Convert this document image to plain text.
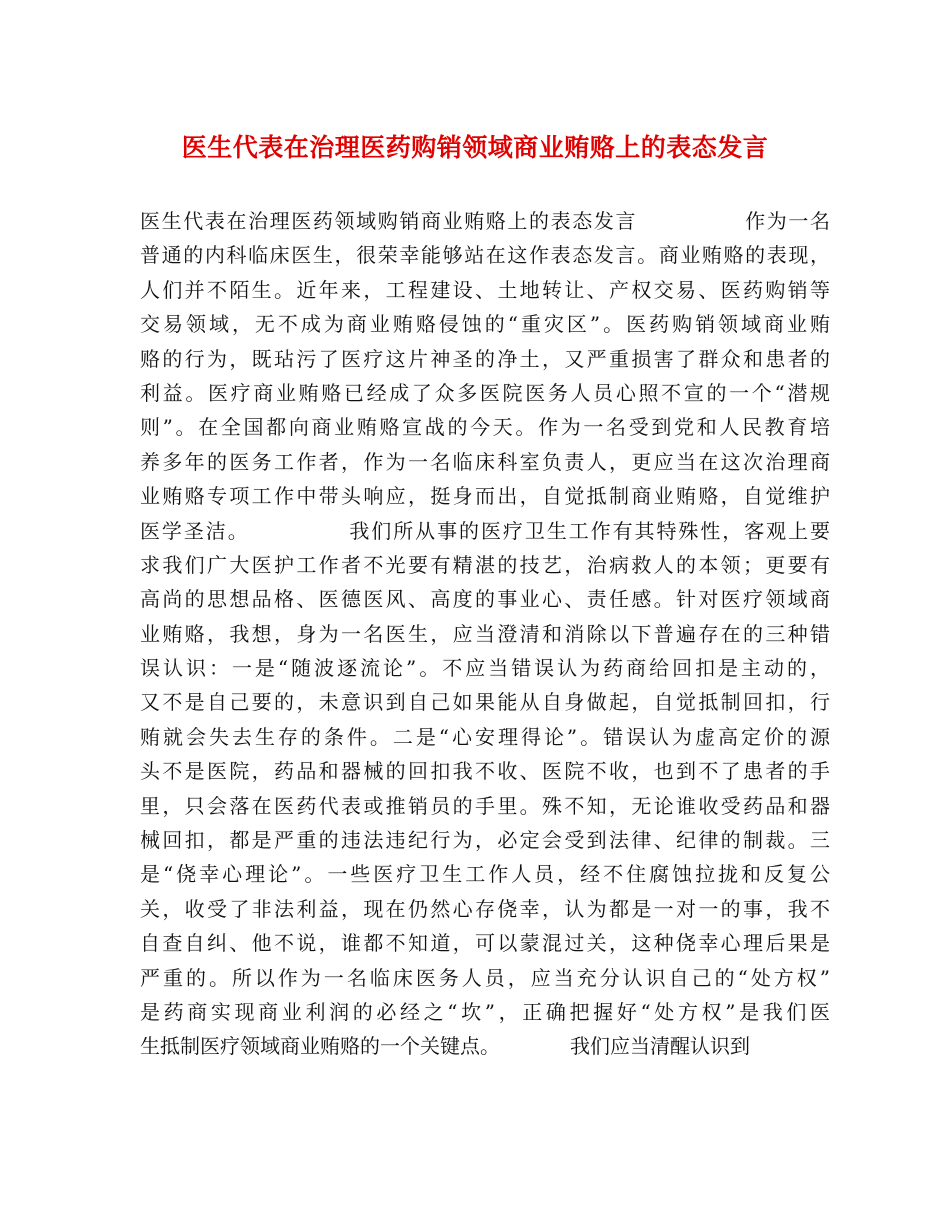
医生代表在治理医药购销领域商业贿赂上的表态发言
医生代表在治理医药领域购销商业贿赂上的表态发言　　　　　作为一名
普通的内科临床医生，很荣幸能够站在这作表态发言。商业贿赂的表现，
人们并不陌生。近年来，工程建设、土地转让、产权交易、医药购销等
交易领域，无不成为商业贿赂侵蚀的“重灾区”。医药购销领域商业贿
赂的行为，既玷污了医疗这片神圣的净土，又严重损害了群众和患者的
利益。医疗商业贿赂已经成了众多医院医务人员心照不宣的一个“潜规
则”。在全国都向商业贿赂宣战的今天。作为一名受到党和人民教育培
养多年的医务工作者，作为一名临床科室负责人，更应当在这次治理商
业贿赂专项工作中带头响应，挺身而出，自觉抵制商业贿赂，自觉维护
医学圣洁。　　　　　我们所从事的医疗卫生工作有其特殊性，客观上要
求我们广大医护工作者不光要有精湛的技艺，治病救人的本领；更要有
高尚的思想品格、医德医风、高度的事业心、责任感。针对医疗领域商
业贿赂，我想，身为一名医生，应当澄清和消除以下普遍存在的三种错
误认识：一是“随波逐流论”。不应当错误认为药商给回扣是主动的，
又不是自己要的，未意识到自己如果能从自身做起，自觉抵制回扣，行
贿就会失去生存的条件。二是“心安理得论”。错误认为虚高定价的源
头不是医院，药品和器械的回扣我不收、医院不收，也到不了患者的手
里，只会落在医药代表或推销员的手里。殊不知，无论谁收受药品和器
械回扣，都是严重的违法违纪行为，必定会受到法律、纪律的制裁。三
是“侥幸心理论”。一些医疗卫生工作人员，经不住腐蚀拉拢和反复公
关，收受了非法利益，现在仍然心存侥幸，认为都是一对一的事，我不
自查自纠、他不说，谁都不知道，可以蒙混过关，这种侥幸心理后果是
严重的。所以作为一名临床医务人员，应当充分认识自己的“处方权”
是药商实现商业利润的必经之“坎”，正确把握好“处方权”是我们医
生抵制医疗领域商业贿赂的一个关键点。　　　　我们应当清醒认识到
